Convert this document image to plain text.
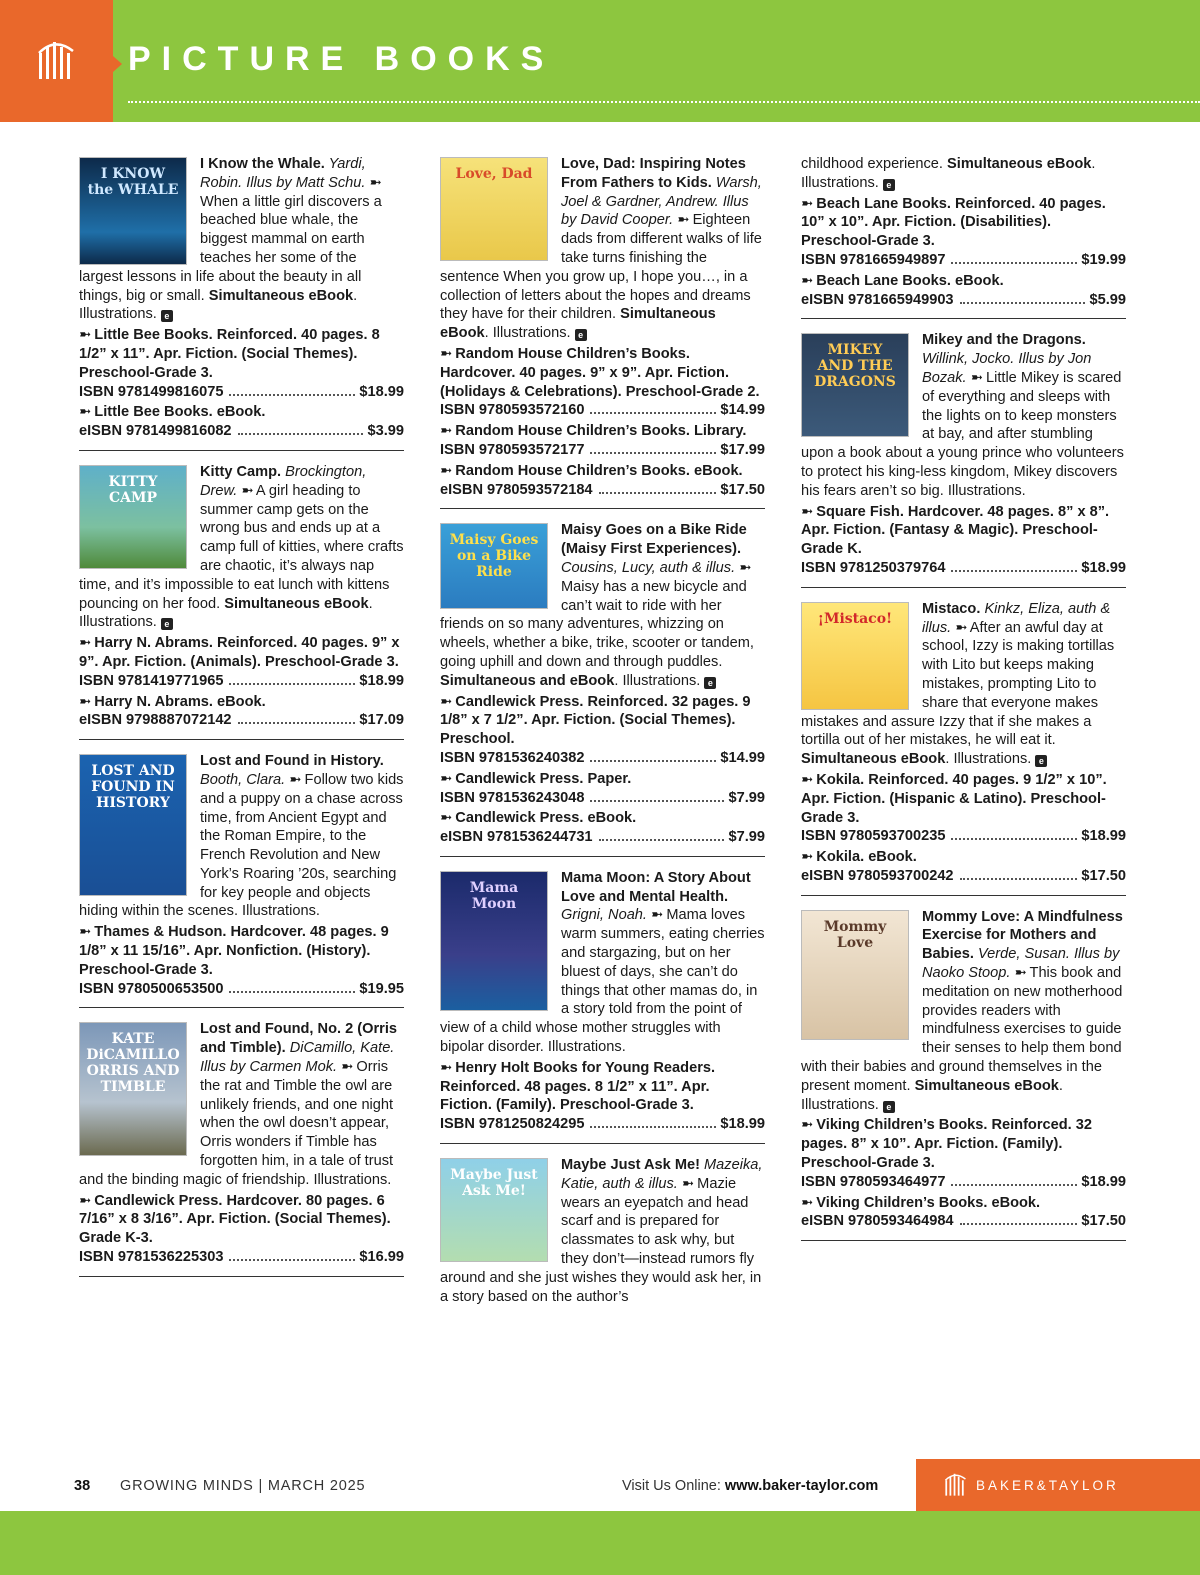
PICTURE BOOKS
I KNOW the WHALE
I Know the Whale. Yardi, Robin. Illus by Matt Schu. ➼ When a little girl discovers a beached blue whale, the biggest mammal on earth teaches her some of the largest lessons in life about the beauty in all things, big or small. Simultaneous eBook. Illustrations. e
➼ Little Bee Books. Reinforced. 40 pages. 8 1/2” x 11”. Apr. Fiction. (Social Themes). Preschool-Grade 3.
ISBN 9781499816075	$18.99
➼ Little Bee Books. eBook.
eISBN 9781499816082	$3.99
KITTY CAMP
Kitty Camp. Brockington, Drew. ➼ A girl heading to summer camp gets on the wrong bus and ends up at a camp full of kitties, where crafts are chaotic, it’s always nap time, and it’s impossible to eat lunch with kittens pouncing on her food. Simultaneous eBook. Illustrations. e
➼ Harry N. Abrams. Reinforced. 40 pages. 9” x 9”. Apr. Fiction. (Animals). Preschool-Grade 3.
ISBN 9781419771965	$18.99
➼ Harry N. Abrams. eBook.
eISBN 9798887072142	$17.09
LOST AND FOUND IN HISTORY
Lost and Found in History. Booth, Clara. ➼ Follow two kids and a puppy on a chase across time, from Ancient Egypt and the Roman Empire, to the French Revolution and New York’s Roaring ’20s, searching for key people and objects hiding within the scenes. Illustrations.
➼ Thames & Hudson. Hardcover. 48 pages. 9 1/8” x 11 15/16”. Apr. Nonfiction. (History). Preschool-Grade 3.
ISBN 9780500653500	$19.95
KATE DiCAMILLO ORRIS AND TIMBLE
Lost and Found, No. 2 (Orris and Timble). DiCamillo, Kate. Illus by Carmen Mok. ➼ Orris the rat and Timble the owl are unlikely friends, and one night when the owl doesn’t appear, Orris wonders if Timble has forgotten him, in a tale of trust and the binding magic of friendship. Illustrations.
➼ Candlewick Press. Hardcover. 80 pages. 6 7/16” x 8 3/16”. Apr. Fiction. (Social Themes). Grade K-3.
ISBN 9781536225303	$16.99
Love, Dad
Love, Dad: Inspiring Notes From Fathers to Kids. Warsh, Joel & Gardner, Andrew. Illus by David Cooper. ➼ Eighteen dads from different walks of life take turns finishing the sentence When you grow up, I hope you…, in a collection of letters about the hopes and dreams they have for their children. Simultaneous eBook. Illustrations. e
➼ Random House Children’s Books. Hardcover. 40 pages. 9” x 9”. Apr. Fiction. (Holidays & Celebrations). Preschool-Grade 2.
ISBN 9780593572160	$14.99
➼ Random House Children’s Books. Library.
ISBN 9780593572177	$17.99
➼ Random House Children’s Books. eBook.
eISBN 9780593572184	$17.50
Maisy Goes on a Bike Ride
Maisy Goes on a Bike Ride (Maisy First Experiences). Cousins, Lucy, auth & illus. ➼ Maisy has a new bicycle and can’t wait to ride with her friends on so many adventures, whizzing on wheels, whether a bike, trike, scooter or tandem, going uphill and down and through puddles. Simultaneous and eBook. Illustrations. e
➼ Candlewick Press. Reinforced. 32 pages. 9 1/8” x 7 1/2”. Apr. Fiction. (Social Themes). Preschool.
ISBN 9781536240382	$14.99
➼ Candlewick Press. Paper.
ISBN 9781536243048	$7.99
➼ Candlewick Press. eBook.
eISBN 9781536244731	$7.99
Mama Moon
Mama Moon: A Story About Love and Mental Health. Grigni, Noah. ➼ Mama loves warm summers, eating cherries and stargazing, but on her bluest of days, she can’t do things that other mamas do, in a story told from the point of view of a child whose mother struggles with bipolar disorder. Illustrations.
➼ Henry Holt Books for Young Readers. Reinforced. 48 pages. 8 1/2” x 11”. Apr. Fiction. (Family). Preschool-Grade 3.
ISBN 9781250824295	$18.99
Maybe Just Ask Me!
Maybe Just Ask Me! Mazeika, Katie, auth & illus. ➼ Mazie wears an eyepatch and head scarf and is prepared for classmates to ask why, but they don’t—instead rumors fly around and she just wishes they would ask her, in a story based on the author’s
childhood experience. Simultaneous eBook. Illustrations. e
➼ Beach Lane Books. Reinforced. 40 pages. 10” x 10”. Apr. Fiction. (Disabilities). Preschool-Grade 3.
ISBN 9781665949897	$19.99
➼ Beach Lane Books. eBook.
eISBN 9781665949903	$5.99
MIKEY AND THE DRAGONS
Mikey and the Dragons. Willink, Jocko. Illus by Jon Bozak. ➼ Little Mikey is scared of everything and sleeps with the lights on to keep monsters at bay, and after stumbling upon a book about a young prince who volunteers to protect his king-less kingdom, Mikey discovers his fears aren’t so big. Illustrations.
➼ Square Fish. Hardcover. 48 pages. 8” x 8”. Apr. Fiction. (Fantasy & Magic). Preschool-Grade K.
ISBN 9781250379764	$18.99
¡Mistaco!
Mistaco. Kinkz, Eliza, auth & illus. ➼ After an awful day at school, Izzy is making tortillas with Lito but keeps making mistakes, prompting Lito to share that everyone makes mistakes and assure Izzy that if she makes a tortilla out of her mistakes, he will eat it. Simultaneous eBook. Illustrations. e
➼ Kokila. Reinforced. 40 pages. 9 1/2” x 10”. Apr. Fiction. (Hispanic & Latino). Preschool-Grade 3.
ISBN 9780593700235	$18.99
➼ Kokila. eBook.
eISBN 9780593700242	$17.50
Mommy Love
Mommy Love: A Mindfulness Exercise for Mothers and Babies. Verde, Susan. Illus by Naoko Stoop. ➼ This book and meditation on new motherhood provides readers with mindfulness exercises to guide their senses to help them bond with their babies and ground themselves in the present moment. Simultaneous eBook. Illustrations. e
➼ Viking Children’s Books. Reinforced. 32 pages. 8” x 10”. Apr. Fiction. (Family). Preschool-Grade 3.
ISBN 9780593464977	$18.99
➼ Viking Children’s Books. eBook.
eISBN 9780593464984	$17.50
38 GROWING MINDS | MARCH 2025	Visit Us Online: www.baker-taylor.com	BAKER&TAYLOR
